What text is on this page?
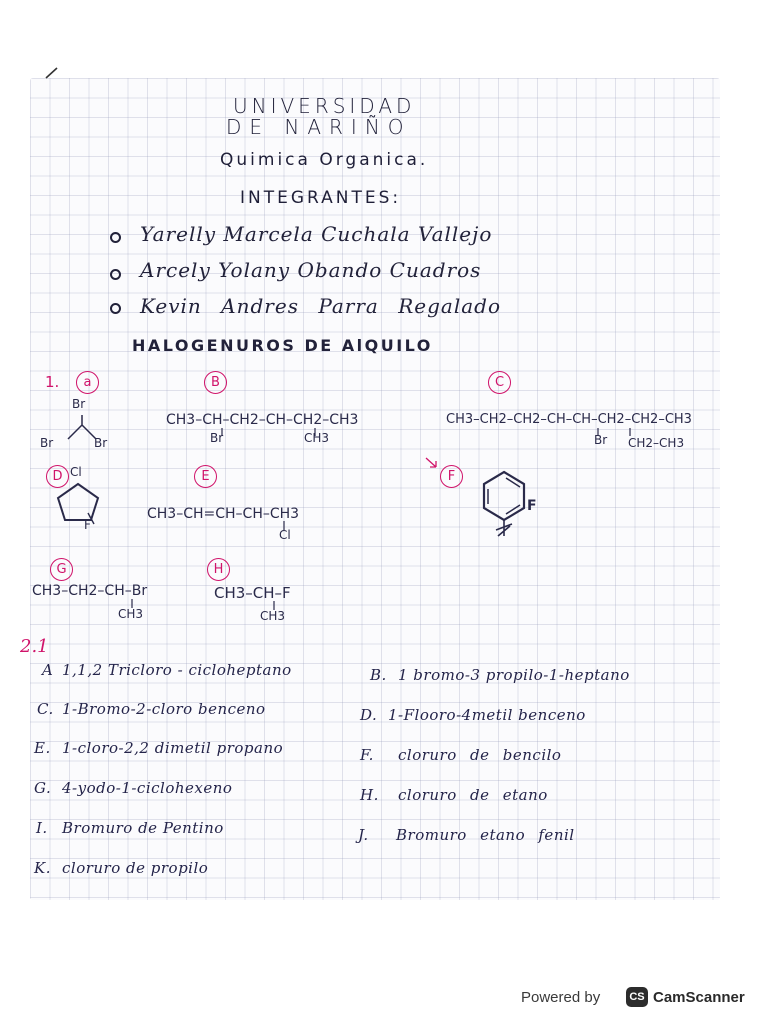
UNIVERSIDAD
DE NARIÑO
Quimica Organica.
INTEGRANTES:
Yarelly Marcela Cuchala Vallejo
Arcely Yolany Obando Cuadros
Kevin Andres Parra Regalado
HALOGENUROS DE AlQUILO
1.	a	B	C
Br
Br	Br
CH3–CH–CH2–CH–CH2–CH3
Br	CH3
CH3–CH2–CH2–CH–CH–CH2–CH2–CH3
Br CH2–CH3
D	E	F
Cl
F
CH3–CH=CH–CH–CH3
Cl
F
G	H
CH3–CH2–CH–Br
CH3
CH3–CH–F
CH3
2.1
A 1,1,2 Tricloro - cicloheptano
C. 1-Bromo-2-cloro benceno
E. 1-cloro-2,2 dimetil propano
G. 4-yodo-1-ciclohexeno
I. Bromuro de Pentino
K. cloruro de propilo
B. 1 bromo-3 propilo-1-heptano
D. 1-Flooro-4metil benceno
F. cloruro de bencilo
H. cloruro de etano
J. Bromuro etano fenil
Powered by	CS CamScanner
